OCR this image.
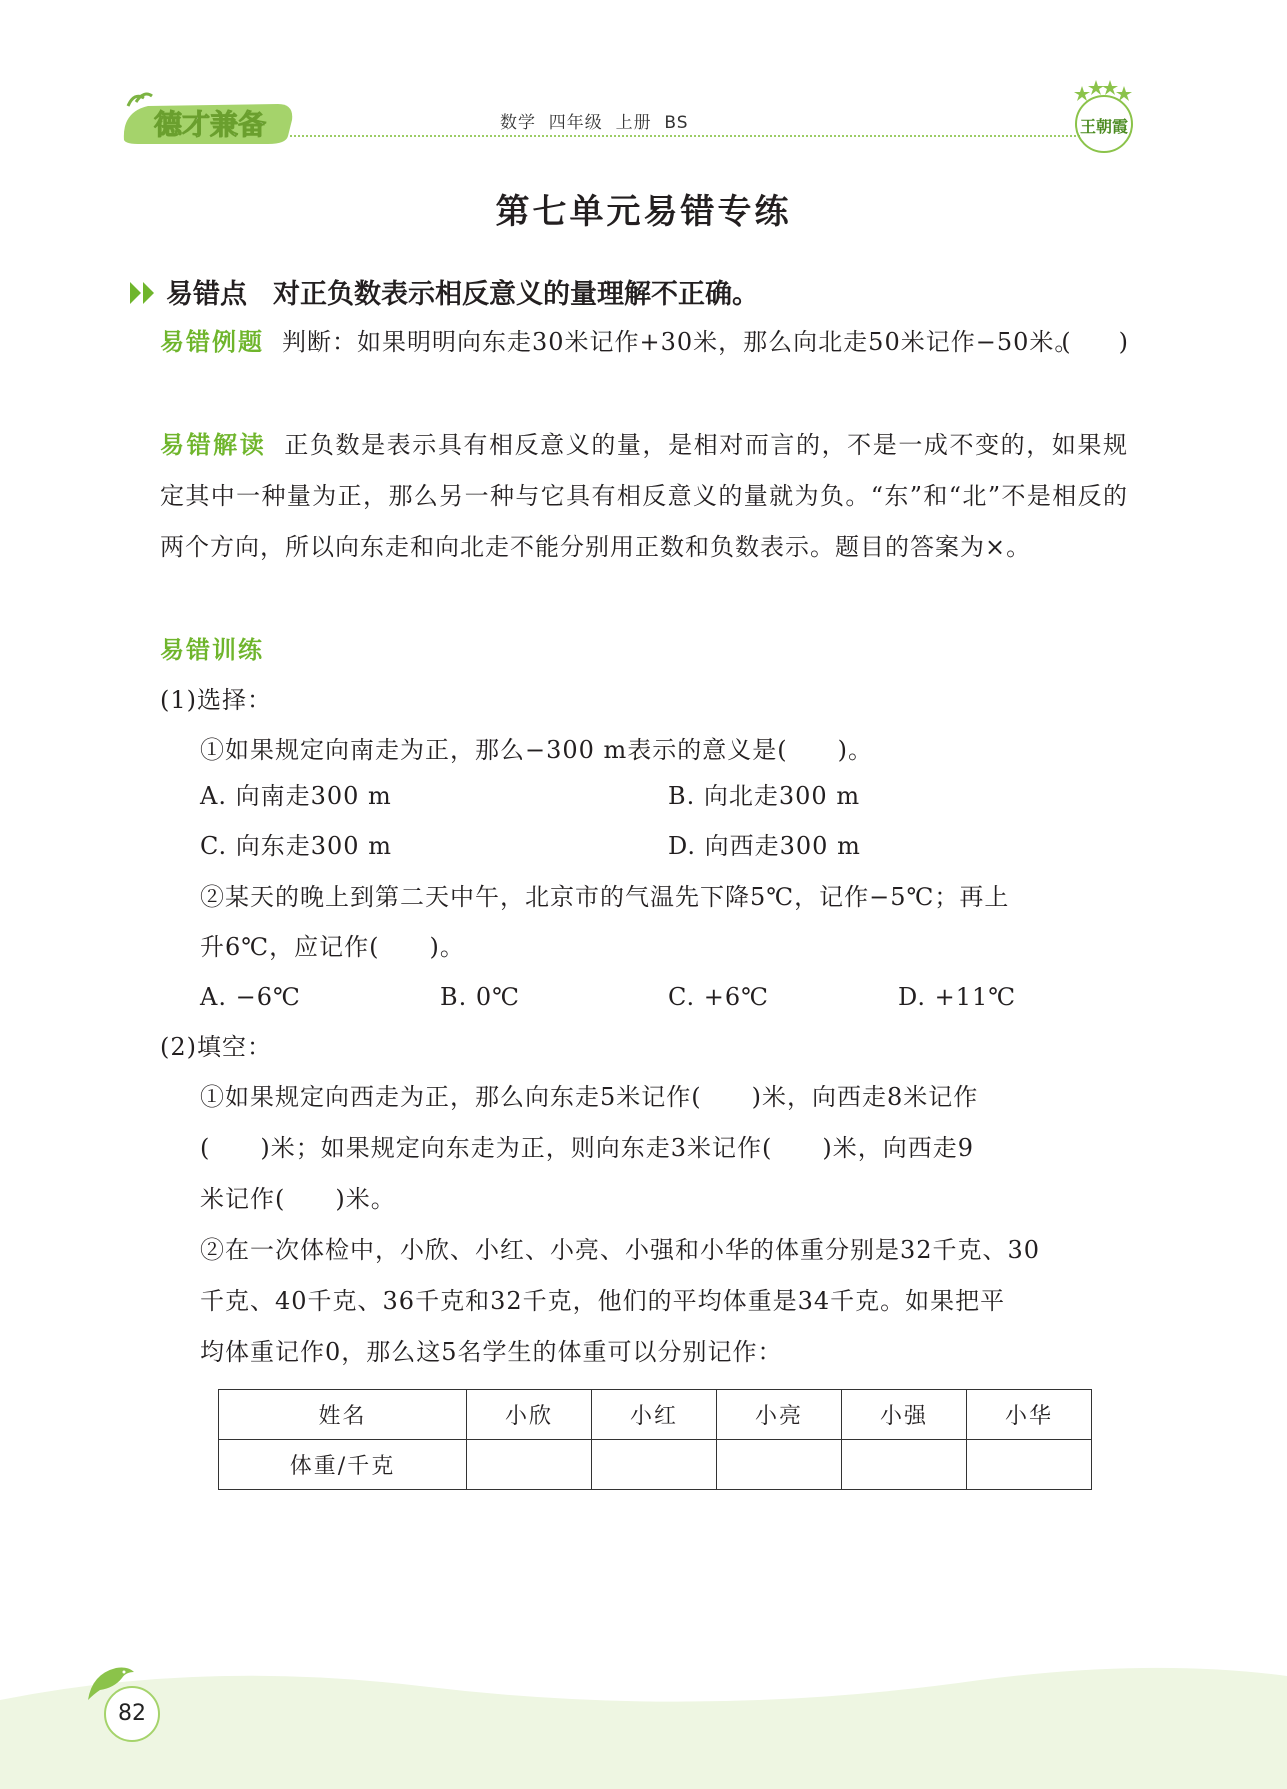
德才兼备	数学  四年级  上册  BS	王朝霞
第七单元易错专练
易错点 对正负数表示相反意义的量理解不正确。
易错例题 判断：如果明明向东走30米记作+30米，那么向北走50米记作−50米。
(　　)
易错解读 正负数是表示具有相反意义的量，是相对而言的，不是一成不变的，如果规定其中一种量为正，那么另一种与它具有相反意义的量就为负。“东”和“北”不是相反的两个方向，所以向东走和向北走不能分别用正数和负数表示。题目的答案为×。
易错训练
(1)选择：
①如果规定向南走为正，那么−300 m表示的意义是(　　)。
A. 向南走300 m	B. 向北走300 m
C. 向东走300 m	D. 向西走300 m
②某天的晚上到第二天中午，北京市的气温先下降5℃，记作−5℃；再上
升6℃，应记作(　　)。
A. −6℃	B. 0℃	C. +6℃	D. +11℃
(2)填空：
①如果规定向西走为正，那么向东走5米记作(　　)米，向西走8米记作
(　　)米；如果规定向东走为正，则向东走3米记作(　　)米，向西走9
米记作(　　)米。
②在一次体检中，小欣、小红、小亮、小强和小华的体重分别是32千克、30
千克、40千克、36千克和32千克，他们的平均体重是34千克。如果把平
均体重记作0，那么这5名学生的体重可以分别记作：
姓名	小欣	小红	小亮	小强	小华
体重/千克					
82
